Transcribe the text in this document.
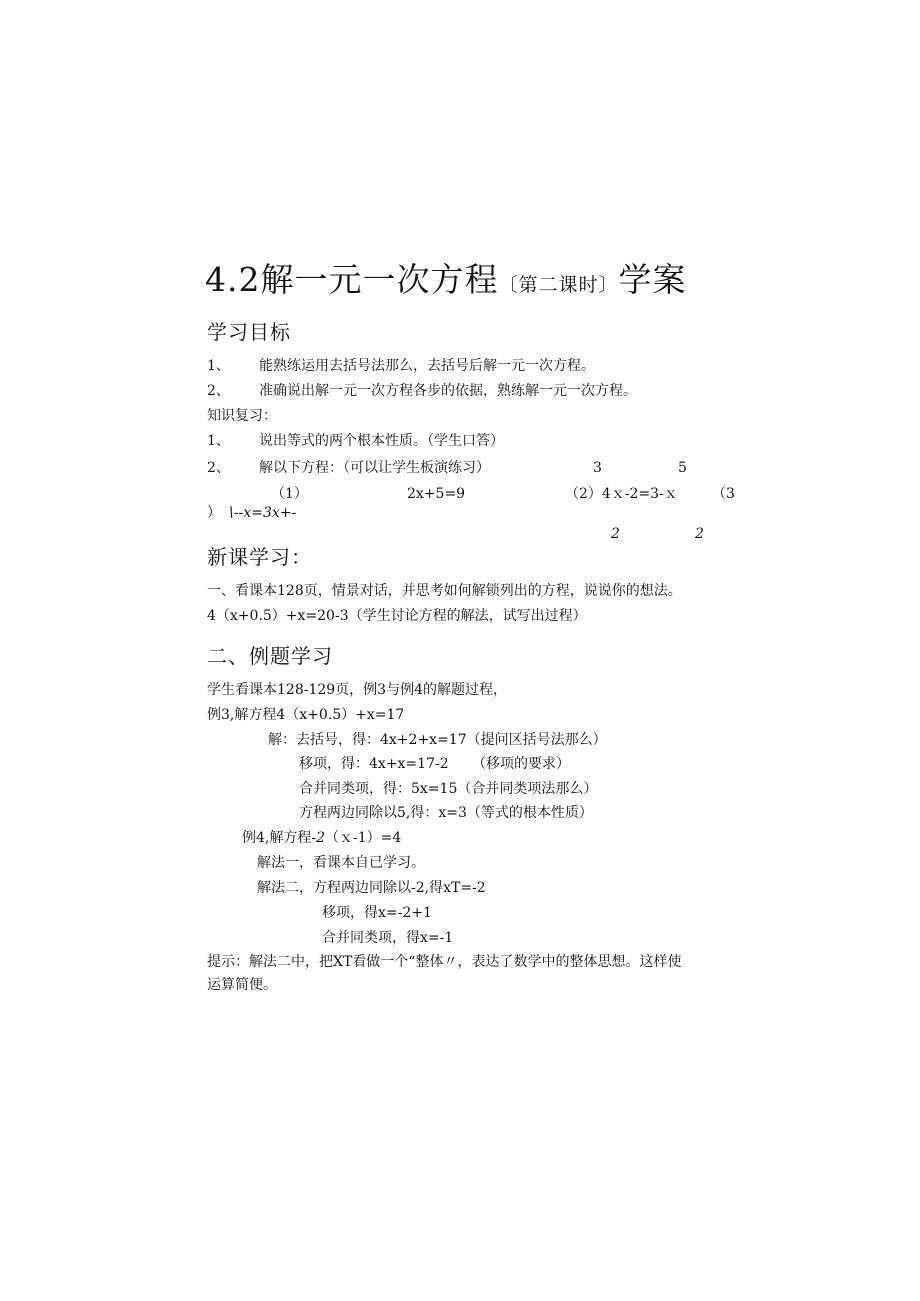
4.2解一元一次方程〔第二课时〕学案
学习目标
1、 能熟练运用去括号法那么，去括号后解一元一次方程。
2、 准确说出解一元一次方程各步的依据，熟练解一元一次方程。
知识复习：
1、 说出等式的两个根本性质。（学生口答）
2、 解以下方程：（可以让学生板演练习）	3	5
（1）	2x+5=9	（2）4ｘ-2=3-ｘ （3
） ∖--x=3x+-
2	2
新课学习：
一、看课本128页，情景对话，并思考如何解锁列出的方程，说说你的想法。
4（x+0.5）+x=20-3（学生讨论方程的解法，试写出过程）
二、例题学习
学生看课本128-129页，例3与例4的解题过程，
例3,解方程4（x+0.5）+x=17
解：去括号，得：4x+2+x=17（提问区括号法那么）
移项，得：4x+x=17-2 （移项的要求）
合并同类项，得：5x=15（合并同类项法那么）
方程两边同除以5,得：x=3（等式的根本性质）
例4,解方程-2（ｘ-1）=4
解法一，看课本自已学习。
解法二，方程两边同除以-2,得xT=-2
移项，得x=-2+1
合并同类项，得x=-1
提示：解法二中，把XT看做一个“整体〃，表达了数学中的整体思想。这样使
运算简便。
